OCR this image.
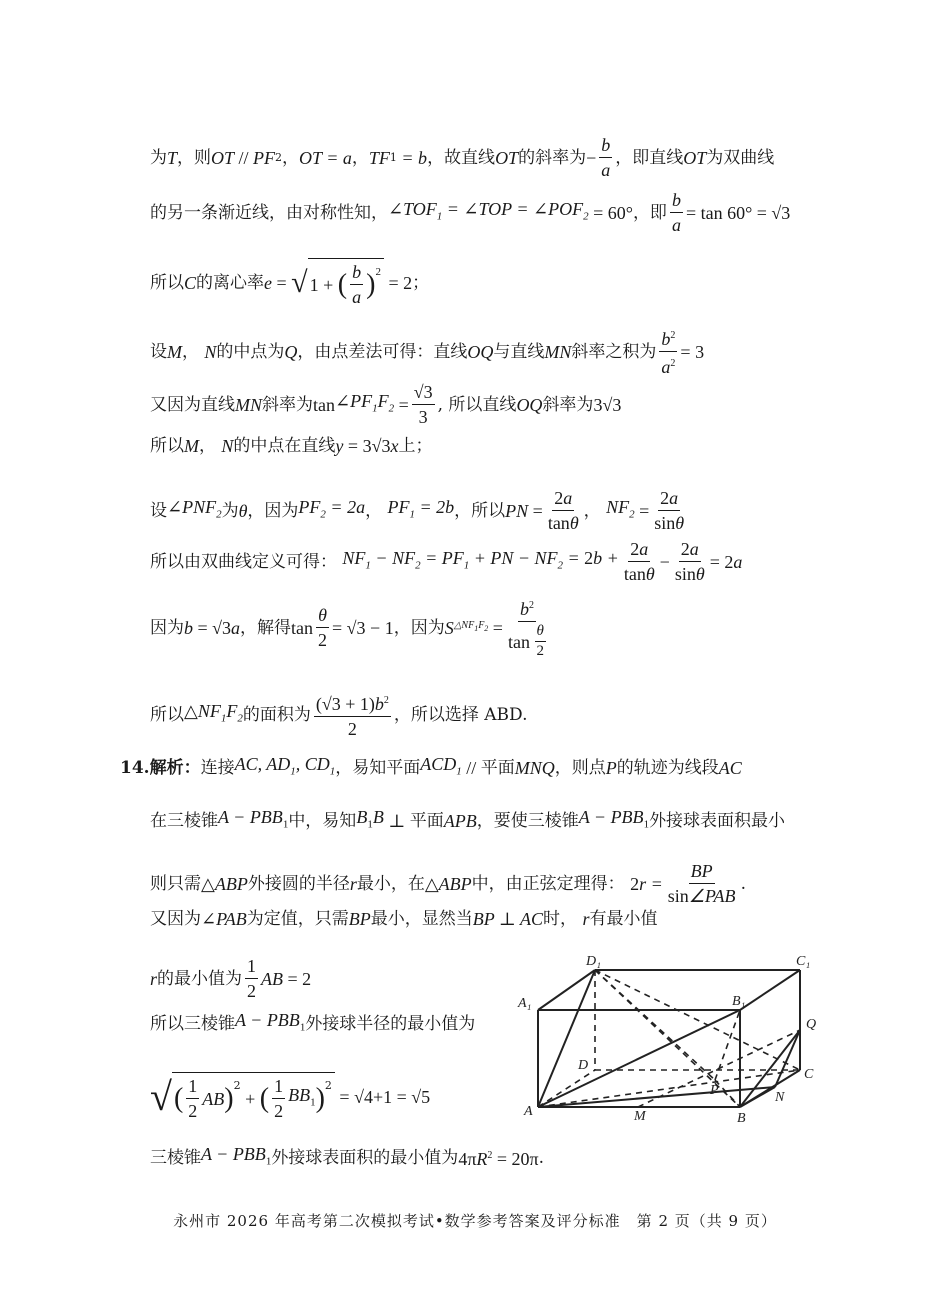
为 T ，则 OT // PF 2 ， OT = a ， TF 1 = b ，故直线 OT 的斜率为 − $\frac{b}{a}$ ，即直线 OT 为双曲线
的另一条渐近线，由对称性知， $\angle TOF_1$ = ∠TOP = $\angle POF_2 = 60^\circ$ ，即 $\frac{b}{a} = \tan 60^\circ = √3$
所以 C 的离心率 e = √ 1 + ( $\frac{b}{a} )^2$
= 2 ；
设 M ， N 的中点为 Q ，由点差法可得：直线 OQ 与直线 MN 斜率之积为 $\frac{b^2}{a^2} = 3$
又因为直线 MN 斜率为 $\tan \angle PF_1F_2 = \frac{√3}{3}$ , 所以直线 OQ 斜率为 3√3
所以 M ， N 的中点在直线 y = 3√3 x 上；
设 $\angle PNF_2$ 为 θ ，因为 $PF_2 = 2a$ ， $PF_1 = 2b$ ，所以 PN = $\frac{2a}{\tan\theta}$ ， $NF_2 = \frac{2a}{\sin\theta}$
所以由双曲线定义可得： $NF_1 - NF_2 = PF_1$ + PN − $NF_2 = 2b + \frac{2a}{\tan\theta} - \frac{2a}{\sin\theta} = 2a$
因为 b = √3 a ，解得 $\tan \frac{\theta}{2} = √3 - 1$ ，因为 S $\triangle NF_1F_2 = b^2$
tan
$\frac{\theta}{2}$
所以 $\triangle NF_1F_2$ 的面积为 $\frac{(√3 + 1)b^2}{2}$ ，所以选择 ABD.
14.解析： 连接 AC, $AD_1$, $CD_1$ ，易知平面 $ACD_1$ // 平面 MNQ ，则点 P 的轨迹为线段 AC
在三棱锥 $A - PBB_1$ 中，易知 $B_1B$ ⊥ 平面 APB ，要使三棱锥 $A - PBB_1$ 外接球表面积最小
则只需 △ABP 外接圆的半径 r 最小，在 △ABP 中，由正弦定理得： $2r = \frac{BP}{\text{sin∠PAB}}$ .
又因为 ∠PAB 为定值，只需 BP 最小，显然当 BP ⊥ AC 时， r 有最小值
r 的最小值为 $\frac{1}{2}$ AB = 2
所以三棱锥 $A - PBB_1$ 外接球半径的最小值为
√ ( $\frac{1}{2}$ AB )$^2$
+ ( $\frac{1}{2} BB_1$ )$^2$
= √4+1 = √5
三棱锥 $A - PBB_1$ 外接球表面积的最小值为 $4\pi R^2 = 20\pi$ .
D₁	C₁
A₁	B₁
Q
D
C
P
A	M	B
N
永州市 2026 年高考第二次模拟考试•数学参考答案及评分标准　第 2 页（共 9 页）
